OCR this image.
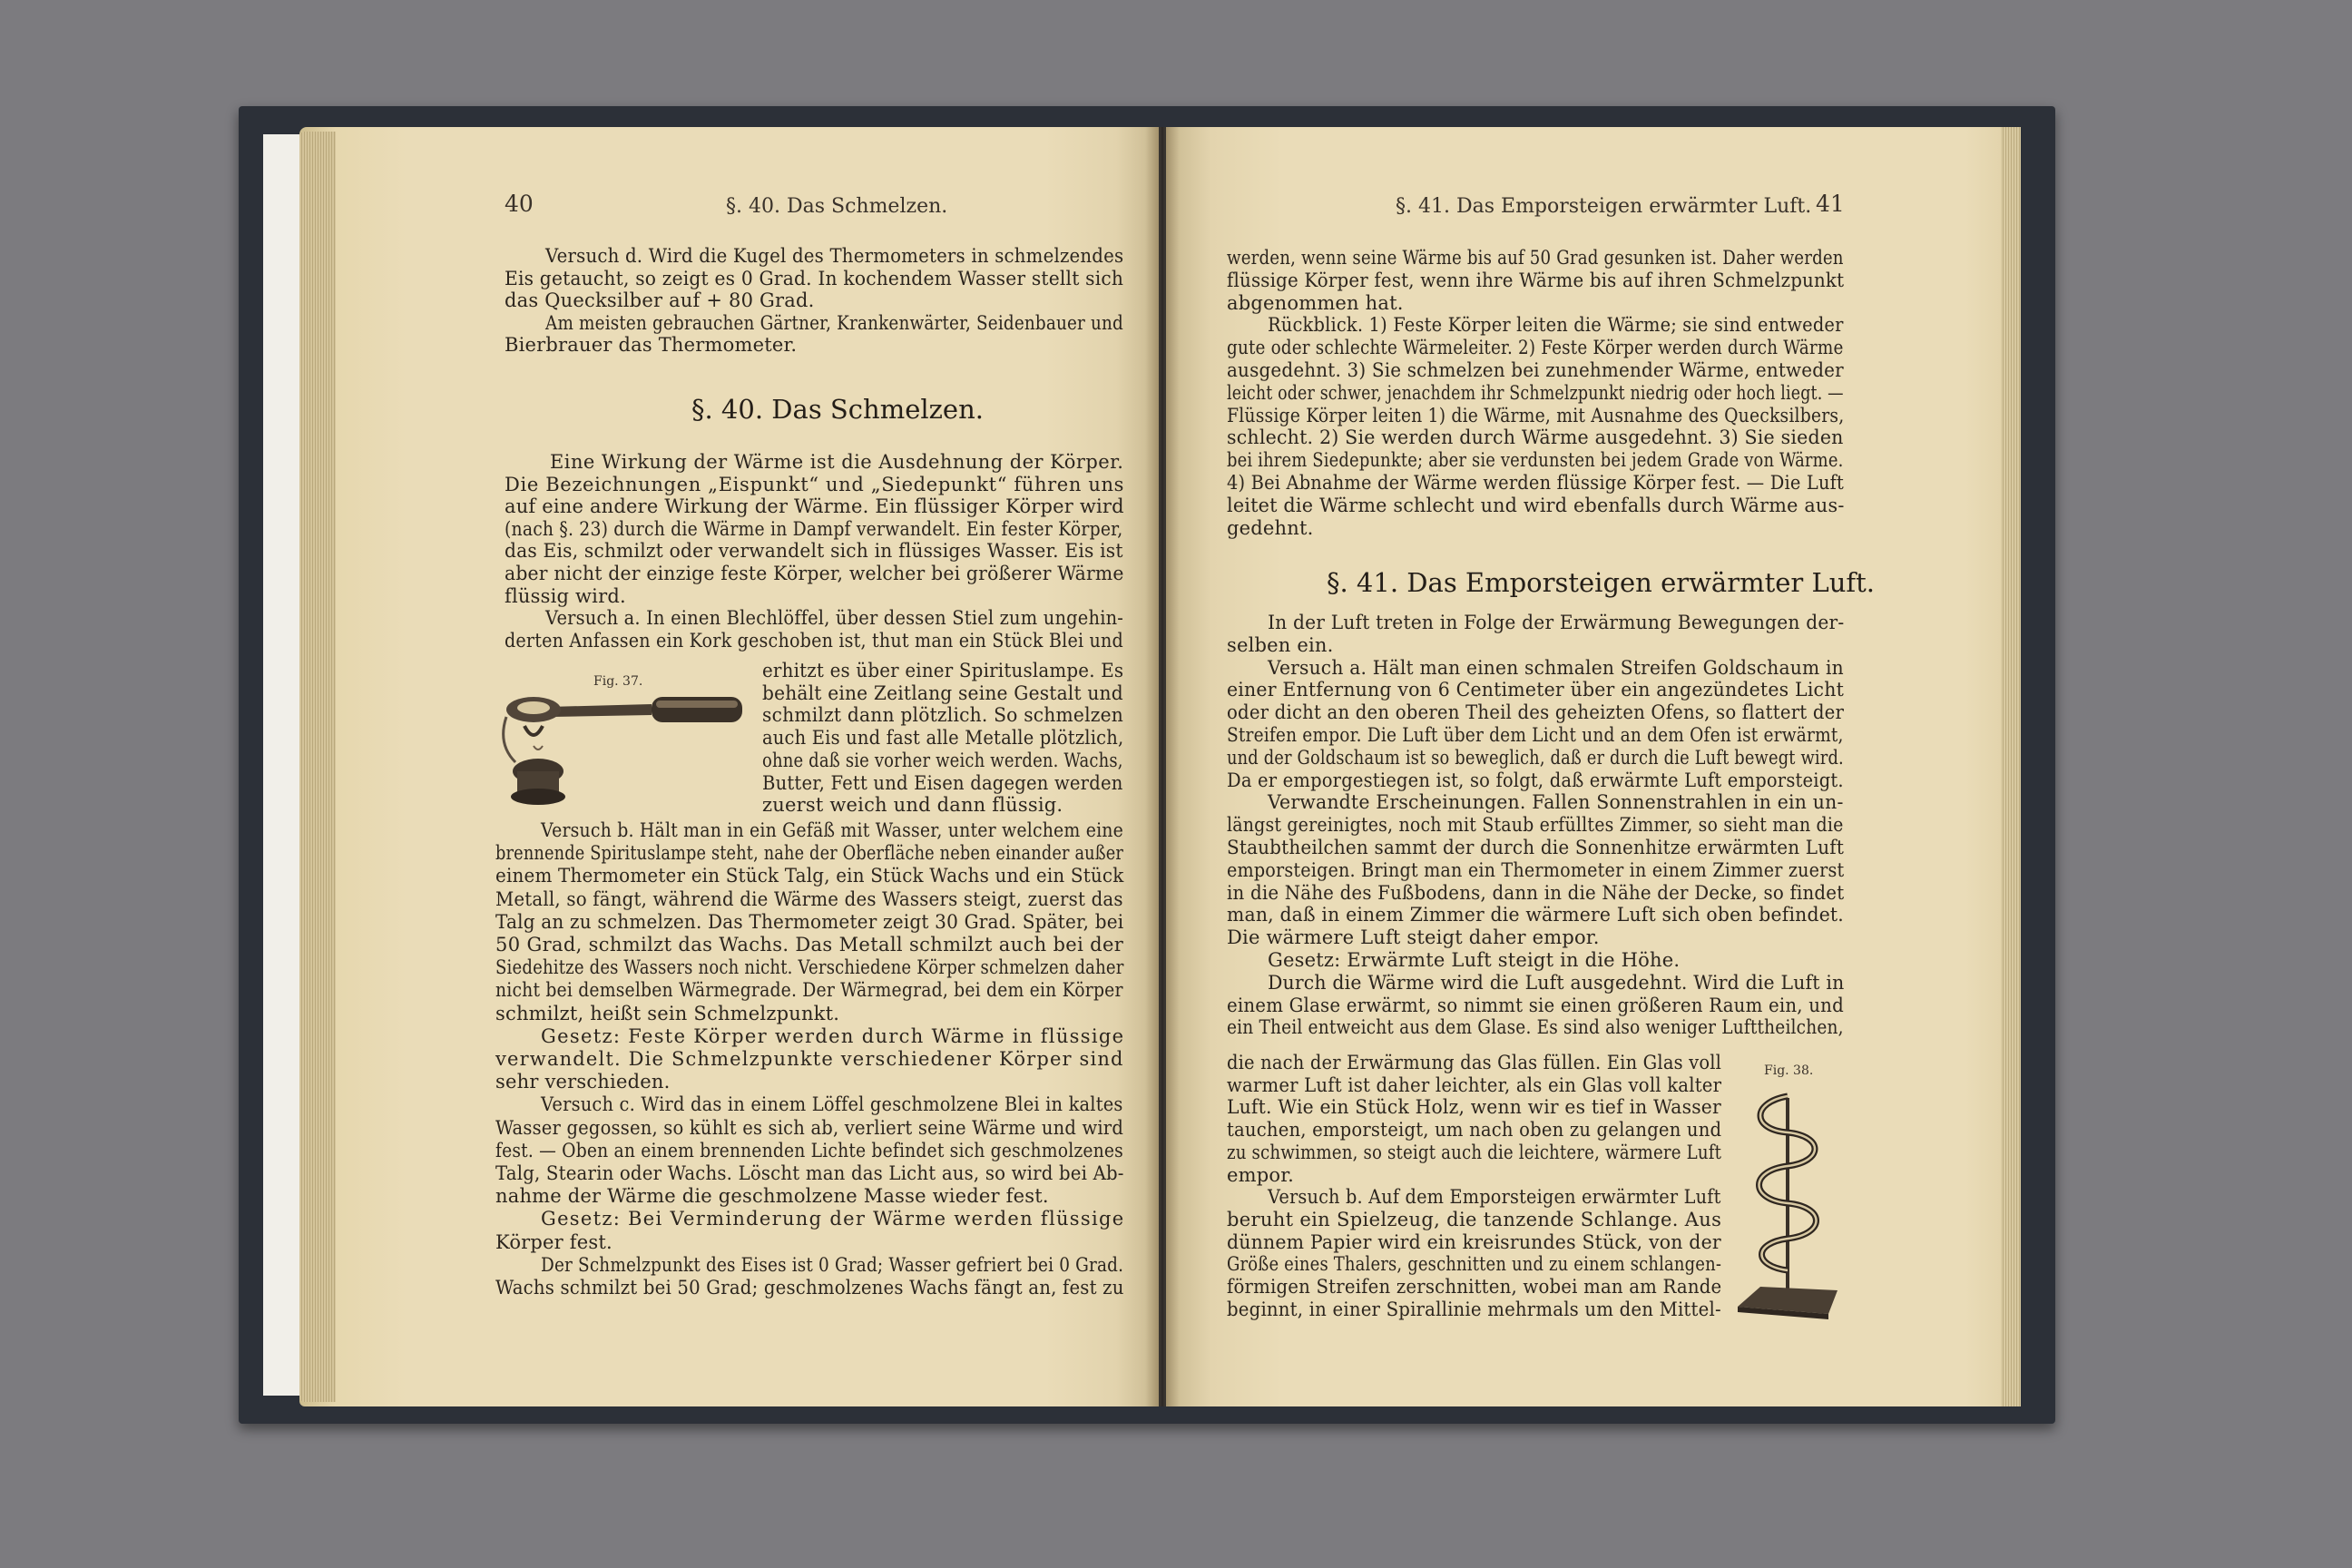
40	§. 40. Das Schmelzen.
Versuch d. Wird die Kugel des Thermometers in schmelzendes
Eis getaucht, so zeigt es 0 Grad. In kochendem Wasser stellt sich
das Quecksilber auf + 80 Grad.
Am meisten gebrauchen Gärtner, Krankenwärter, Seidenbauer und
Bierbrauer das Thermometer.
§. 40. Das Schmelzen.
Eine Wirkung der Wärme ist die Ausdehnung der Körper.
Die Bezeichnungen „Eispunkt“ und „Siedepunkt“ führen uns
auf eine andere Wirkung der Wärme. Ein flüssiger Körper wird
(nach §. 23) durch die Wärme in Dampf verwandelt. Ein fester Körper,
das Eis, schmilzt oder verwandelt sich in flüssiges Wasser. Eis ist
aber nicht der einzige feste Körper, welcher bei größerer Wärme
flüssig wird.
Versuch a. In einen Blechlöffel, über dessen Stiel zum ungehin-
derten Anfassen ein Kork geschoben ist, thut man ein Stück Blei und
Fig. 37.	erhitzt es über einer Spirituslampe. Es
behält eine Zeitlang seine Gestalt und
schmilzt dann plötzlich. So schmelzen
auch Eis und fast alle Metalle plötzlich,
ohne daß sie vorher weich werden. Wachs,
Butter, Fett und Eisen dagegen werden
zuerst weich und dann flüssig.
Versuch b. Hält man in ein Gefäß mit Wasser, unter welchem eine
brennende Spirituslampe steht, nahe der Oberfläche neben einander außer
einem Thermometer ein Stück Talg, ein Stück Wachs und ein Stück
Metall, so fängt, während die Wärme des Wassers steigt, zuerst das
Talg an zu schmelzen. Das Thermometer zeigt 30 Grad. Später, bei
50 Grad, schmilzt das Wachs. Das Metall schmilzt auch bei der
Siedehitze des Wassers noch nicht. Verschiedene Körper schmelzen daher
nicht bei demselben Wärmegrade. Der Wärmegrad, bei dem ein Körper
schmilzt, heißt sein Schmelzpunkt.
Gesetz: Feste Körper werden durch Wärme in flüssige
verwandelt. Die Schmelzpunkte verschiedener Körper sind
sehr verschieden.
Versuch c. Wird das in einem Löffel geschmolzene Blei in kaltes
Wasser gegossen, so kühlt es sich ab, verliert seine Wärme und wird
fest. — Oben an einem brennenden Lichte befindet sich geschmolzenes
Talg, Stearin oder Wachs. Löscht man das Licht aus, so wird bei Ab-
nahme der Wärme die geschmolzene Masse wieder fest.
Gesetz: Bei Verminderung der Wärme werden flüssige
Körper fest.
Der Schmelzpunkt des Eises ist 0 Grad; Wasser gefriert bei 0 Grad.
Wachs schmilzt bei 50 Grad; geschmolzenes Wachs fängt an, fest zu
§. 41. Das Emporsteigen erwärmter Luft. 41
werden, wenn seine Wärme bis auf 50 Grad gesunken ist. Daher werden
flüssige Körper fest, wenn ihre Wärme bis auf ihren Schmelzpunkt
abgenommen hat.
Rückblick. 1) Feste Körper leiten die Wärme; sie sind entweder
gute oder schlechte Wärmeleiter. 2) Feste Körper werden durch Wärme
ausgedehnt. 3) Sie schmelzen bei zunehmender Wärme, entweder
leicht oder schwer, jenachdem ihr Schmelzpunkt niedrig oder hoch liegt. —
Flüssige Körper leiten 1) die Wärme, mit Ausnahme des Quecksilbers,
schlecht. 2) Sie werden durch Wärme ausgedehnt. 3) Sie sieden
bei ihrem Siedepunkte; aber sie verdunsten bei jedem Grade von Wärme.
4) Bei Abnahme der Wärme werden flüssige Körper fest. — Die Luft
leitet die Wärme schlecht und wird ebenfalls durch Wärme aus-
gedehnt.
§. 41. Das Emporsteigen erwärmter Luft.
In der Luft treten in Folge der Erwärmung Bewegungen der-
selben ein.
Versuch a. Hält man einen schmalen Streifen Goldschaum in
einer Entfernung von 6 Centimeter über ein angezündetes Licht
oder dicht an den oberen Theil des geheizten Ofens, so flattert der
Streifen empor. Die Luft über dem Licht und an dem Ofen ist erwärmt,
und der Goldschaum ist so beweglich, daß er durch die Luft bewegt wird.
Da er emporgestiegen ist, so folgt, daß erwärmte Luft emporsteigt.
Verwandte Erscheinungen. Fallen Sonnenstrahlen in ein un-
längst gereinigtes, noch mit Staub erfülltes Zimmer, so sieht man die
Staubtheilchen sammt der durch die Sonnenhitze erwärmten Luft
emporsteigen. Bringt man ein Thermometer in einem Zimmer zuerst
in die Nähe des Fußbodens, dann in die Nähe der Decke, so findet
man, daß in einem Zimmer die wärmere Luft sich oben befindet.
Die wärmere Luft steigt daher empor.
Gesetz: Erwärmte Luft steigt in die Höhe.
Durch die Wärme wird die Luft ausgedehnt. Wird die Luft in
einem Glase erwärmt, so nimmt sie einen größeren Raum ein, und
ein Theil entweicht aus dem Glase. Es sind also weniger Lufttheilchen,
Fig. 38.
die nach der Erwärmung das Glas füllen. Ein Glas voll
warmer Luft ist daher leichter, als ein Glas voll kalter
Luft. Wie ein Stück Holz, wenn wir es tief in Wasser
tauchen, emporsteigt, um nach oben zu gelangen und
zu schwimmen, so steigt auch die leichtere, wärmere Luft
empor.
Versuch b. Auf dem Emporsteigen erwärmter Luft
beruht ein Spielzeug, die tanzende Schlange. Aus
dünnem Papier wird ein kreisrundes Stück, von der
Größe eines Thalers, geschnitten und zu einem schlangen-
förmigen Streifen zerschnitten, wobei man am Rande
beginnt, in einer Spirallinie mehrmals um den Mittel-
